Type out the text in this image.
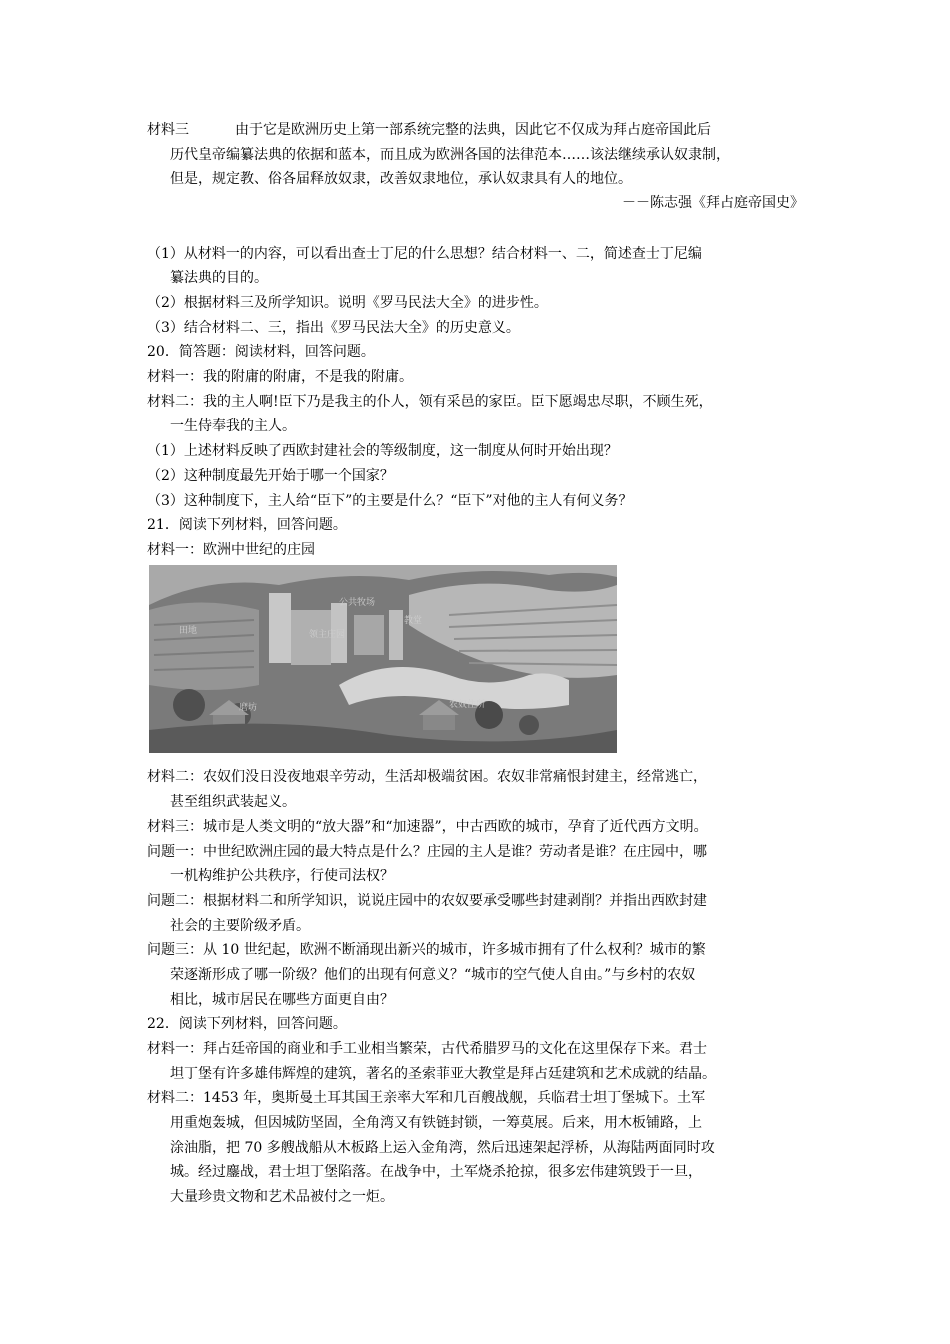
材料三	由于它是欧洲历史上第一部系统完整的法典，因此它不仅成为拜占庭帝国此后
历代皇帝编纂法典的依据和蓝本，而且成为欧洲各国的法律范本……该法继续承认奴隶制，
但是，规定教、俗各届释放奴隶，改善奴隶地位，承认奴隶具有人的地位。
－－陈志强《拜占庭帝国史》
（1）从材料一的内容，可以看出查士丁尼的什么思想？结合材料一、二，简述查士丁尼编
纂法典的目的。
（2）根据材料三及所学知识。说明《罗马民法大全》的进步性。
（3）结合材料二、三，指出《罗马民法大全》的历史意义。
20．简答题：阅读材料，回答问题。
材料一：我的附庸的附庸，不是我的附庸。
材料二：我的主人啊!臣下乃是我主的仆人，领有采邑的家臣。臣下愿竭忠尽职，不顾生死，
一生侍奉我的主人。
（1）上述材料反映了西欧封建社会的等级制度，这一制度从何时开始出现？
（2）这种制度最先开始于哪一个国家？
（3）这种制度下，主人给“臣下”的主要是什么？“臣下”对他的主人有何义务？
21．阅读下列材料，回答问题。
材料一：欧洲中世纪的庄园
田地
公共牧场
磨坊
教堂
农奴住所
领主庄园
材料二：农奴们没日没夜地艰辛劳动，生活却极端贫困。农奴非常痛恨封建主，经常逃亡，
甚至组织武装起义。
材料三：城市是人类文明的“放大器”和“加速器”，中古西欧的城市，孕育了近代西方文明。
问题一：中世纪欧洲庄园的最大特点是什么？庄园的主人是谁？劳动者是谁？在庄园中，哪
一机构维护公共秩序，行使司法权？
问题二：根据材料二和所学知识，说说庄园中的农奴要承受哪些封建剥削？并指出西欧封建
社会的主要阶级矛盾。
问题三：从 10 世纪起，欧洲不断涌现出新兴的城市，许多城市拥有了什么权利？城市的繁
荣逐渐形成了哪一阶级？他们的出现有何意义？“城市的空气使人自由。”与乡村的农奴
相比，城市居民在哪些方面更自由？
22．阅读下列材料，回答问题。
材料一：拜占廷帝国的商业和手工业相当繁荣，古代希腊罗马的文化在这里保存下来。君士
坦丁堡有许多雄伟辉煌的建筑，著名的圣索菲亚大教堂是拜占廷建筑和艺术成就的结晶。
材料二：1453 年，奥斯曼土耳其国王亲率大军和几百艘战舰，兵临君士坦丁堡城下。土军
用重炮轰城，但因城防坚固，全角湾又有铁链封锁，一筹莫展。后来，用木板铺路，上
涂油脂，把 70 多艘战船从木板路上运入金角湾，然后迅速架起浮桥，从海陆两面同时攻
城。经过鏖战，君士坦丁堡陷落。在战争中，土军烧杀抢掠，很多宏伟建筑毁于一旦，
大量珍贵文物和艺术品被付之一炬。
